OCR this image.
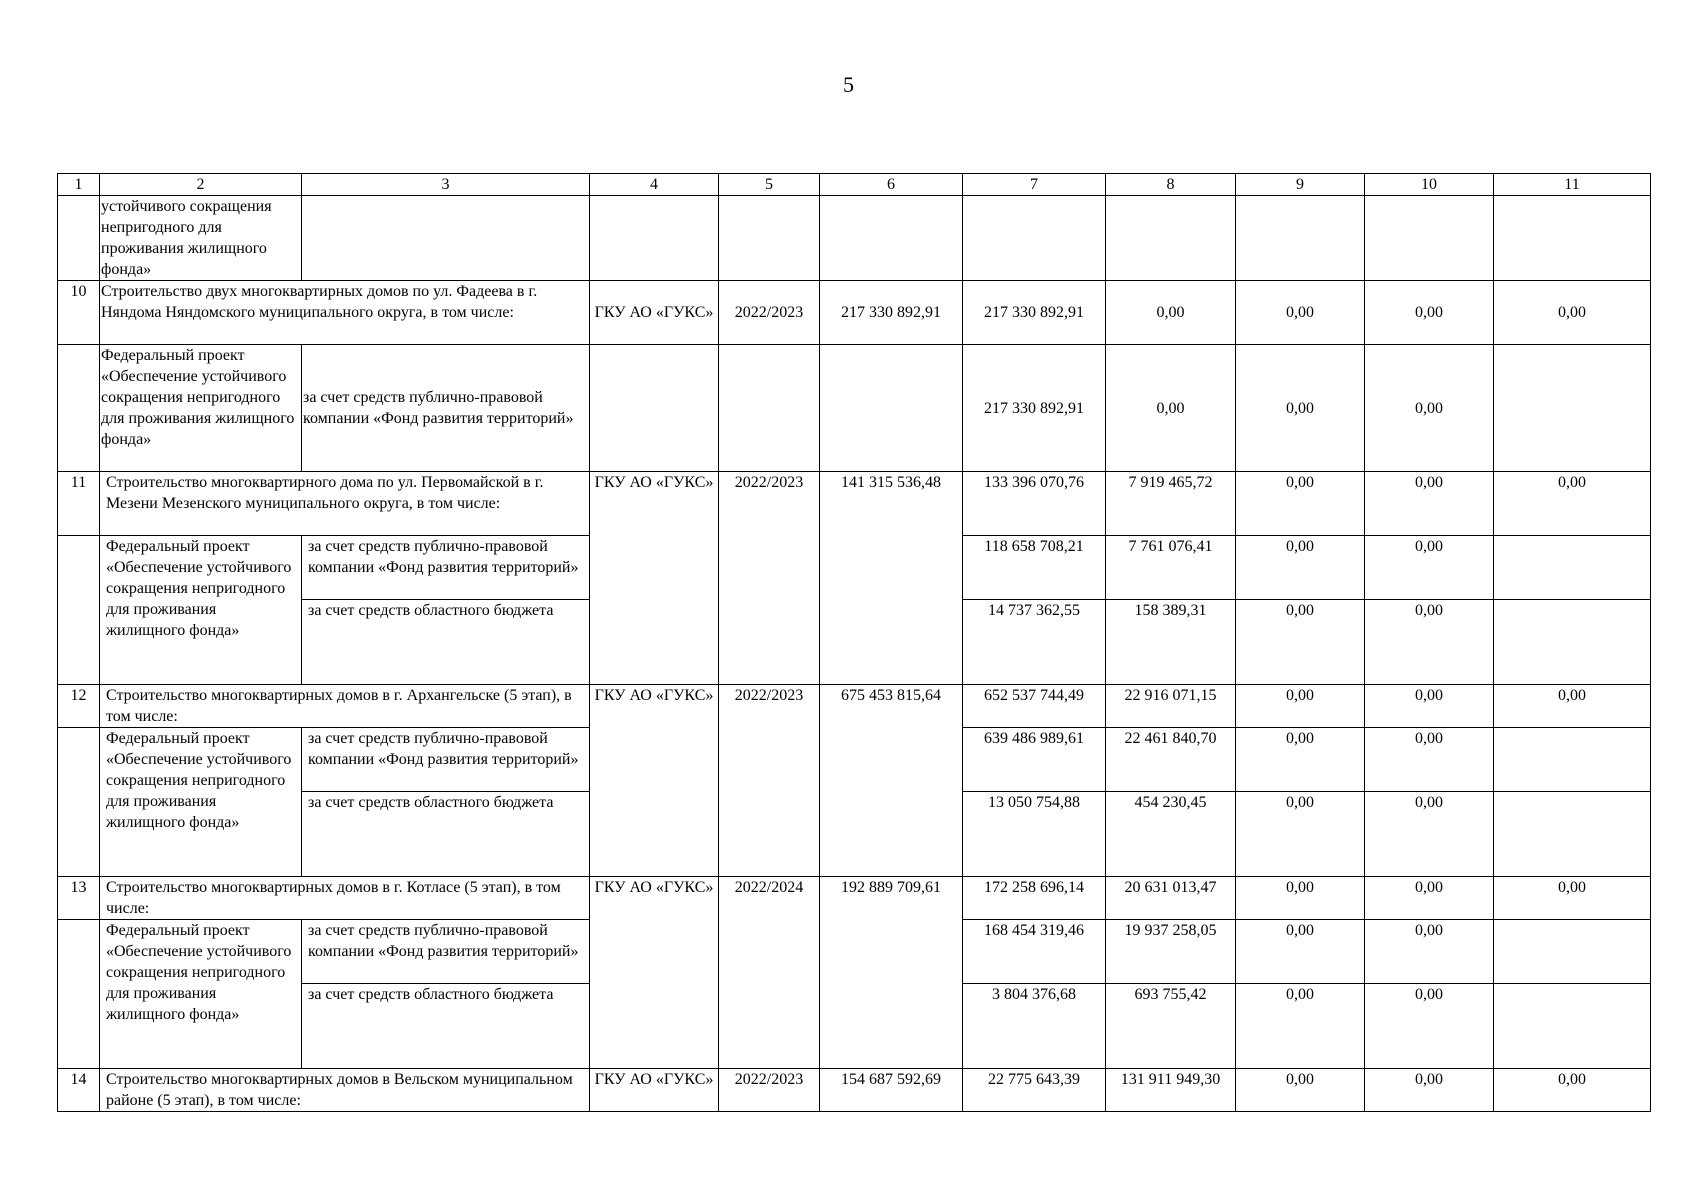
5
1	2	3	4	5	6	7	8	9	10	11
	устойчивого сокращения непригодного для проживания жилищного фонда»									
10	Строительство двух многоквартирных домов по ул. Фадеева в г. Няндома Няндомского муниципального округа, в том числе:		ГКУ АО «ГУКС»	2022/2023	217 330 892,91	217 330 892,91	0,00	0,00	0,00	0,00
	Федеральный проект «Обеспечение устойчивого сокращения непригодного для проживания жилищного фонда»	за счет средств публично-правовой компании «Фонд развития территорий»				217 330 892,91	0,00	0,00	0,00	
11	Строительство многоквартирного дома по ул. Первомайской в г. Мезени Мезенского муниципального округа, в том числе:		ГКУ АО «ГУКС»	2022/2023	141 315 536,48	133 396 070,76	7 919 465,72	0,00	0,00	0,00
	Федеральный проект «Обеспечение устойчивого сокращения непригодного для проживания жилищного фонда»	за счет средств публично-правовой компании «Фонд развития территорий»				118 658 708,21	7 761 076,41	0,00	0,00	
		за счет средств областного бюджета				14 737 362,55	158 389,31	0,00	0,00	
12	Строительство многоквартирных домов в г. Архангельске (5 этап), в том числе:		ГКУ АО «ГУКС»	2022/2023	675 453 815,64	652 537 744,49	22 916 071,15	0,00	0,00	0,00
	Федеральный проект «Обеспечение устойчивого сокращения непригодного для проживания жилищного фонда»	за счет средств публично-правовой компании «Фонд развития территорий»				639 486 989,61	22 461 840,70	0,00	0,00	
		за счет средств областного бюджета				13 050 754,88	454 230,45	0,00	0,00	
13	Строительство многоквартирных домов в г. Котласе (5 этап), в том числе:		ГКУ АО «ГУКС»	2022/2024	192 889 709,61	172 258 696,14	20 631 013,47	0,00	0,00	0,00
	Федеральный проект «Обеспечение устойчивого сокращения непригодного для проживания жилищного фонда»	за счет средств публично-правовой компании «Фонд развития территорий»				168 454 319,46	19 937 258,05	0,00	0,00	
		за счет средств областного бюджета				3 804 376,68	693 755,42	0,00	0,00	
14	Строительство многоквартирных домов в Вельском муниципальном районе (5 этап), в том числе:		ГКУ АО «ГУКС»	2022/2023	154 687 592,69	22 775 643,39	131 911 949,30	0,00	0,00	0,00
